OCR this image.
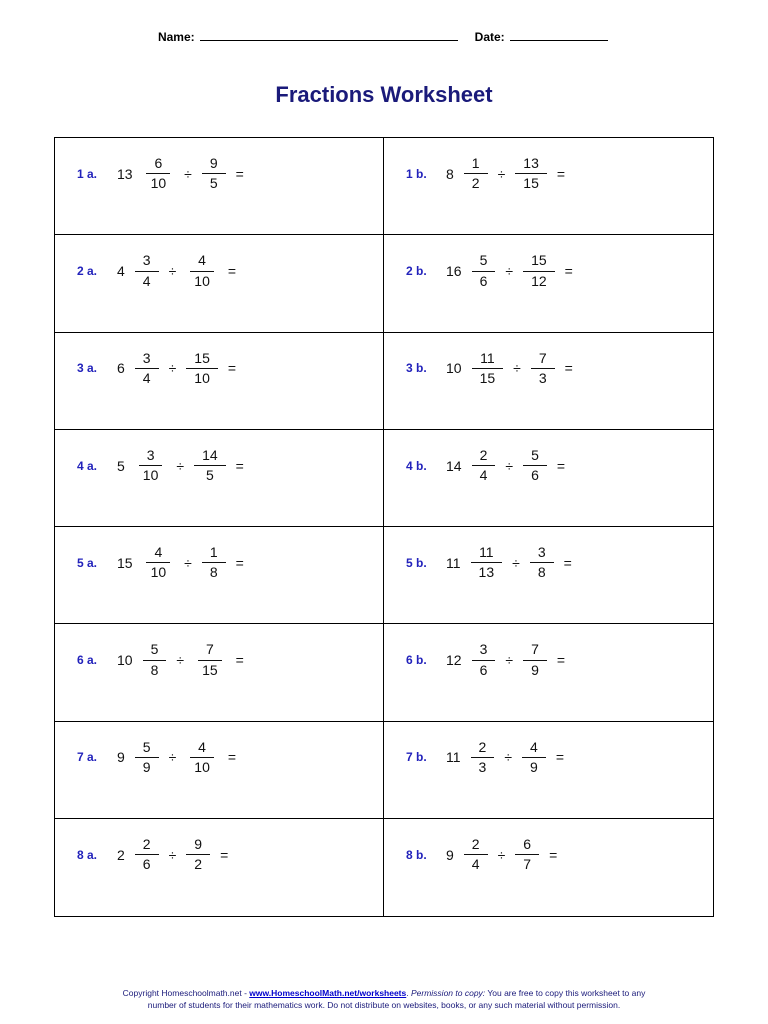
Name:	Date:
Fractions Worksheet
1 a.	$13 \frac{6}{10} \div \frac{9}{5}$ =	1 b.	$8 \frac{1}{2} \div \frac{13}{15}$ =
2 a.	$4 \frac{3}{4} \div \frac{4}{10}$ =	2 b.	$16 \frac{5}{6} \div \frac{15}{12}$ =
3 a.	$6 \frac{3}{4} \div \frac{15}{10}$ =	3 b.	$10 \frac{11}{15} \div \frac{7}{3}$ =
4 a.	$5 \frac{3}{10} \div \frac{14}{5}$ =	4 b.	$14 \frac{2}{4} \div \frac{5}{6}$ =
5 a.	$15 \frac{4}{10} \div \frac{1}{8}$ =	5 b.	$11 \frac{11}{13} \div \frac{3}{8}$ =
6 a.	$10 \frac{5}{8} \div \frac{7}{15}$ =	6 b.	$12 \frac{3}{6} \div \frac{7}{9}$ =
7 a.	$9 \frac{5}{9} \div \frac{4}{10}$ =	7 b.	$11 \frac{2}{3} \div \frac{4}{9}$ =
8 a.	$2 \frac{2}{6} \div \frac{9}{2}$ =	8 b.	$9 \frac{2}{4} \div \frac{6}{7}$ =
Copyright Homeschoolmath.net - www.HomeschoolMath.net/worksheets. Permission to copy: You are free to copy this worksheet to any
number of students for their mathematics work. Do not distribute on websites, books, or any such material without permission.
